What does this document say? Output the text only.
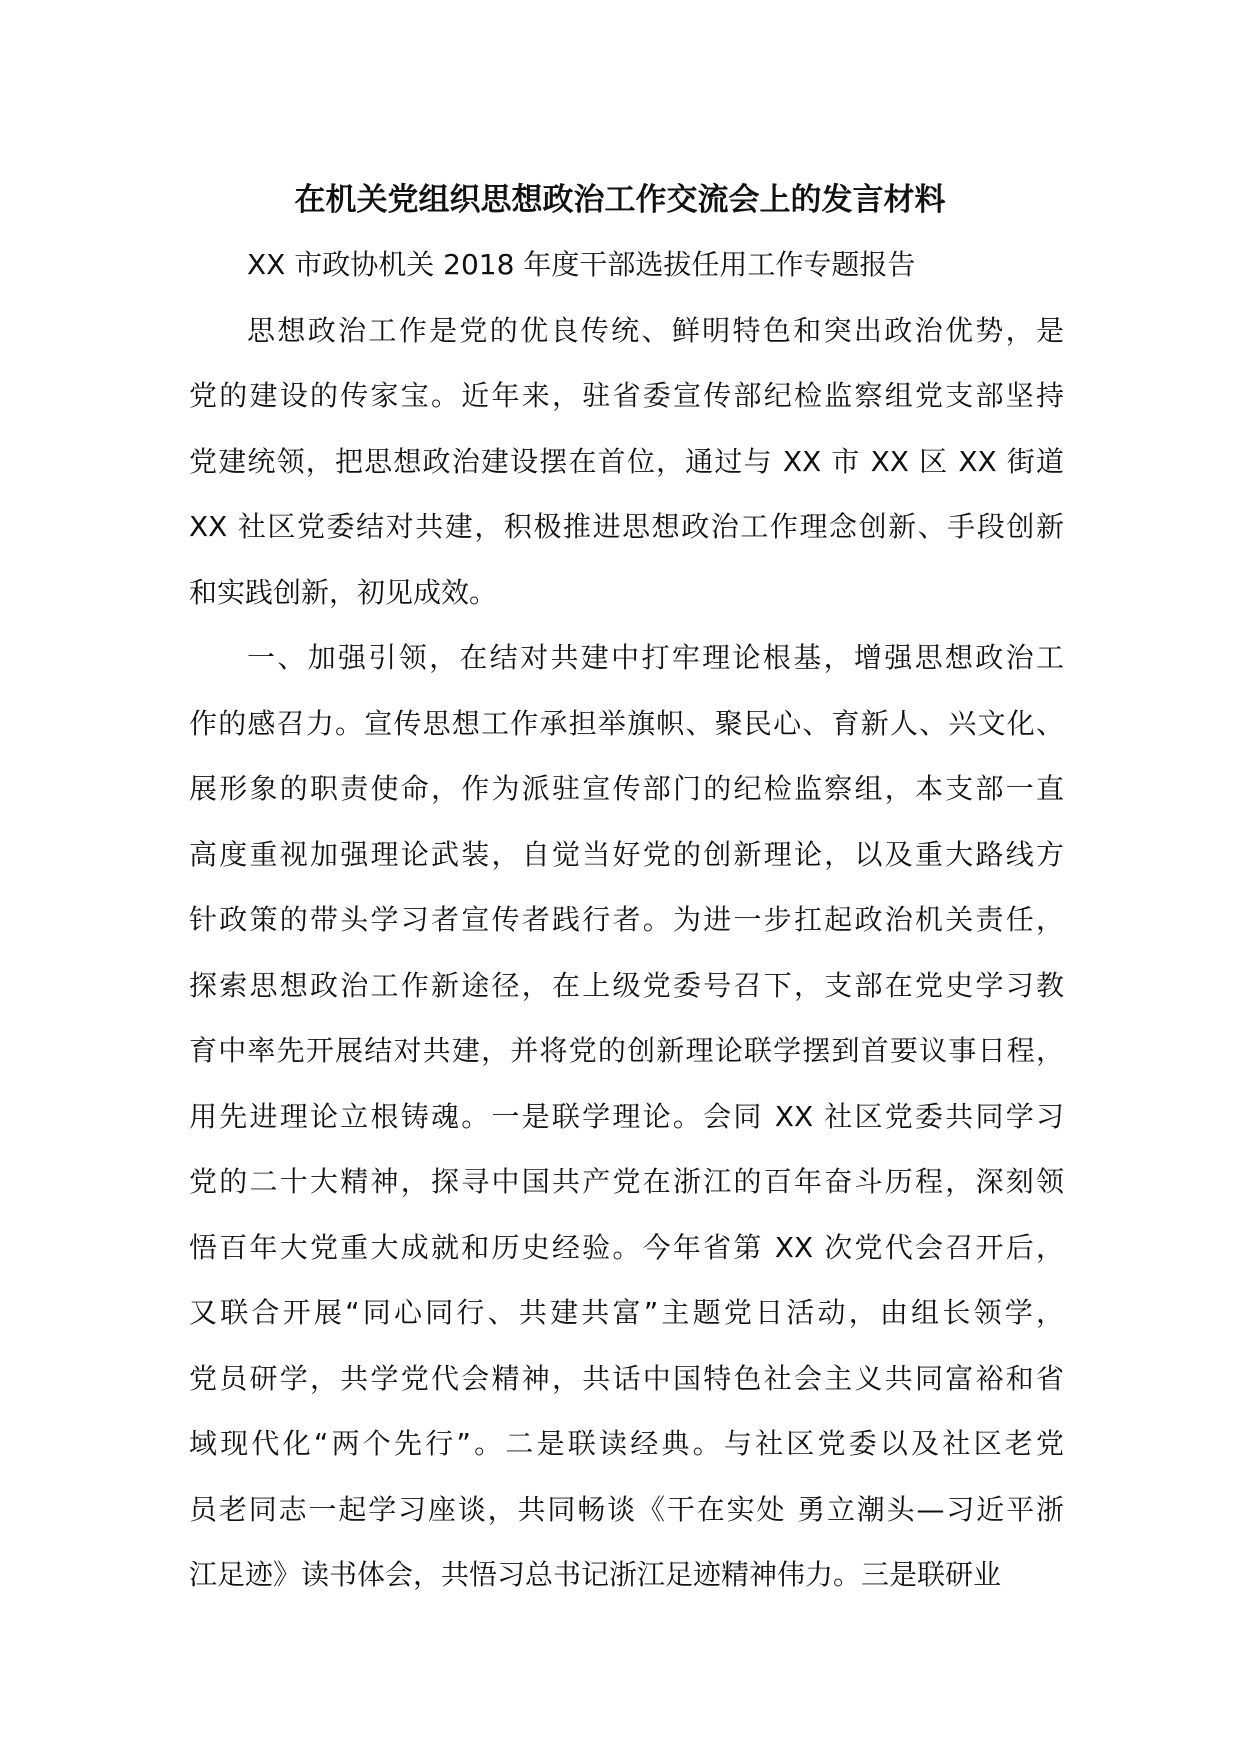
在机关党组织思想政治工作交流会上的发言材料
XX 市政协机关 2018 年度干部选拔任用工作专题报告
思想政治工作是党的优良传统、鲜明特色和突出政治优势，是
党的建设的传家宝。近年来，驻省委宣传部纪检监察组党支部坚持
党建统领，把思想政治建设摆在首位，通过与 XX 市 XX 区 XX 街道
XX 社区党委结对共建，积极推进思想政治工作理念创新、手段创新
和实践创新，初见成效。
一、加强引领，在结对共建中打牢理论根基，增强思想政治工
作的感召力。宣传思想工作承担举旗帜、聚民心、育新人、兴文化、
展形象的职责使命，作为派驻宣传部门的纪检监察组，本支部一直
高度重视加强理论武装，自觉当好党的创新理论，以及重大路线方
针政策的带头学习者宣传者践行者。为进一步扛起政治机关责任，
探索思想政治工作新途径，在上级党委号召下，支部在党史学习教
育中率先开展结对共建，并将党的创新理论联学摆到首要议事日程，
用先进理论立根铸魂。一是联学理论。会同 XX 社区党委共同学习
党的二十大精神，探寻中国共产党在浙江的百年奋斗历程，深刻领
悟百年大党重大成就和历史经验。今年省第 XX 次党代会召开后，
又联合开展“同心同行、共建共富”主题党日活动，由组长领学，
党员研学，共学党代会精神，共话中国特色社会主义共同富裕和省
域现代化“两个先行”。二是联读经典。与社区党委以及社区老党
员老同志一起学习座谈，共同畅谈《干在实处 勇立潮头—习近平浙
江足迹》读书体会，共悟习总书记浙江足迹精神伟力。三是联研业
